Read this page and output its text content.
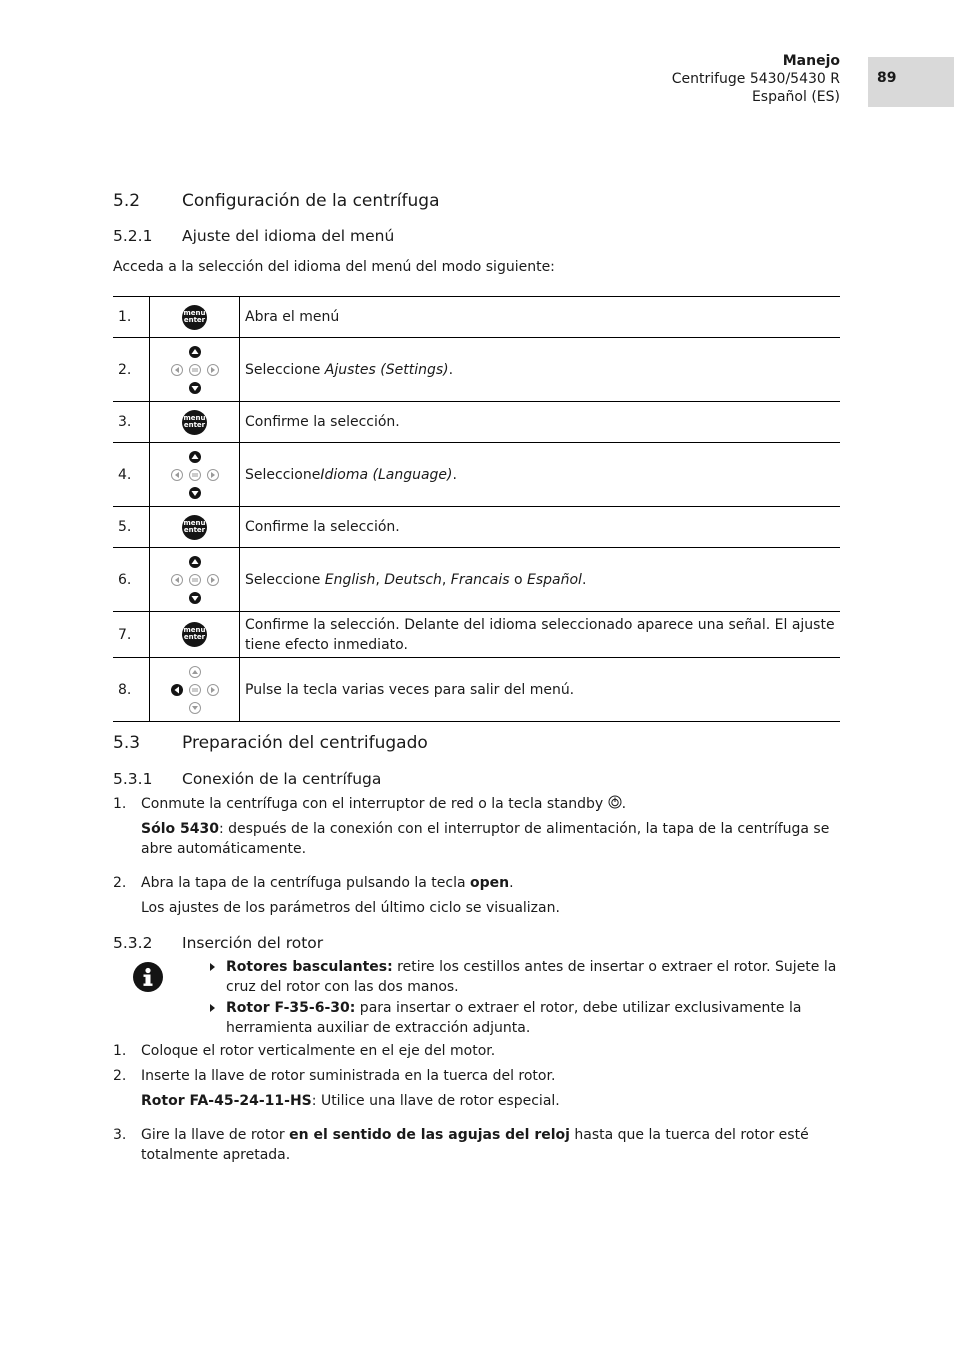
Manejo
Centrifuge 5430/5430 R
Español (ES)
89
5.2 Configuración de la centrífuga
5.2.1 Ajuste del idioma del menú
Acceda a la selección del idioma del menú del modo siguiente:
1.	menu
enter	Abra el menú

2.		Seleccione Ajustes (Settings).

3.	menu
enter	Confirme la selección.

4.		SeleccioneIdioma (Language).

5.	menu
enter	Confirme la selección.

6.		Seleccione English, Deutsch, Francais o Español.

7.	menu
enter	Confirme la selección. Delante del idioma seleccionado aparece una señal. El ajuste tiene efecto inmediato.

8.		Pulse la tecla varias veces para salir del menú.
5.3 Preparación del centrifugado
5.3.1 Conexión de la centrífuga
1. Conmute la centrífuga con el interruptor de red o la tecla standby .
Sólo 5430: después de la conexión con el interruptor de alimentación, la tapa de la centrífuga se abre automáticamente.
2. Abra la tapa de la centrífuga pulsando la tecla open.
Los ajustes de los parámetros del último ciclo se visualizan.
5.3.2 Inserción del rotor
Rotores basculantes: retire los cestillos antes de insertar o extraer el rotor. Sujete la cruz del rotor con las dos manos.
Rotor F-35-6-30: para insertar o extraer el rotor, debe utilizar exclusivamente la herramienta auxiliar de extracción adjunta.
1. Coloque el rotor verticalmente en el eje del motor.
2. Inserte la llave de rotor suministrada en la tuerca del rotor.
Rotor FA-45-24-11-HS: Utilice una llave de rotor especial.
3. Gire la llave de rotor en el sentido de las agujas del reloj hasta que la tuerca del rotor esté totalmente apretada.
